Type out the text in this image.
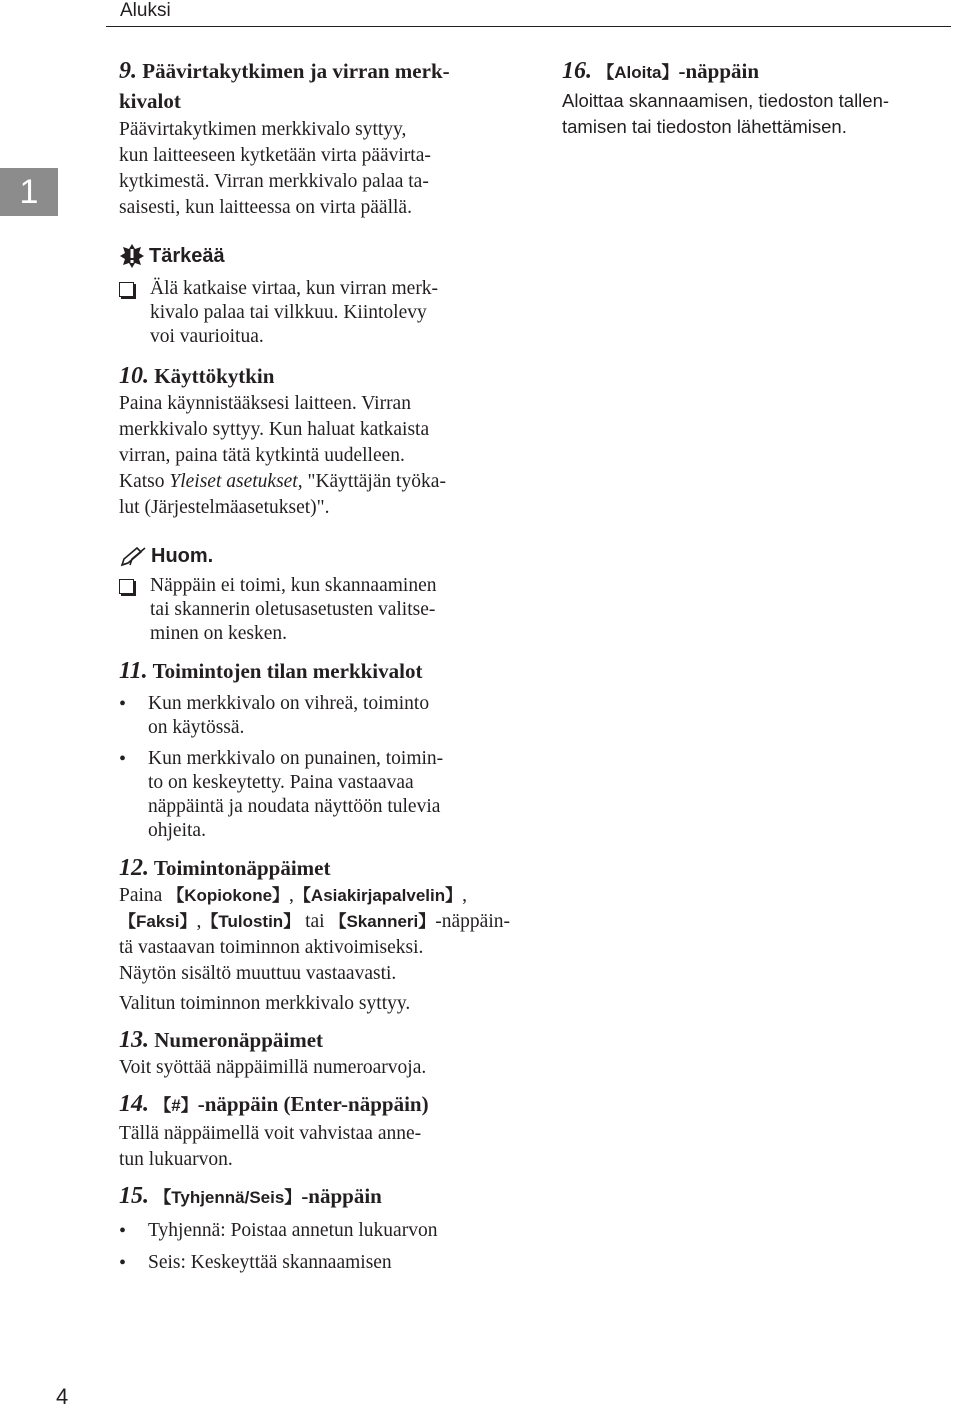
Aluksi
1
4

9. Päävirtakytkimen ja virran merk-
kivalot

Päävirtakytkimen merkkivalo syttyy,
kun laitteeseen kytketään virta päävirta-
kytkimestä. Virran merkkivalo palaa ta-
saisesti, kun laitteessa on virta päällä.

Tärkeää

Älä katkaise virtaa, kun virran merk-
kivalo palaa tai vilkkuu. Kiintolevy
voi vaurioitua.

10. Käyttökytkin

Paina käynnistääksesi laitteen. Virran
merkkivalo syttyy. Kun haluat katkaista
virran, paina tätä kytkintä uudelleen.
Katso Yleiset asetukset, "Käyttäjän työka-
lut (Järjestelmäasetukset)".

Huom.

Näppäin ei toimi, kun skannaaminen
tai skannerin oletusasetusten valitse-
minen on kesken.

11. Toimintojen tilan merkkivalot

•	Kun merkkivalo on vihreä, toiminto
on käytössä.
•	Kun merkkivalo on punainen, toimin-
to on keskeytetty. Paina vastaavaa
näppäintä ja noudata näyttöön tulevia
ohjeita.

12. Toimintonäppäimet

Paina 【Kopiokone】,【Asiakirjapalvelin】,
【Faksi】,【Tulostin】 tai 【Skanneri】-näppäin-
tä vastaavan toiminnon aktivoimiseksi.
Näytön sisältö muuttuu vastaavasti.

Valitun toiminnon merkkivalo syttyy.

13. Numeronäppäimet

Voit syöttää näppäimillä numeroarvoja.

14. 【#】-näppäin (Enter-näppäin)

Tällä näppäimellä voit vahvistaa anne-
tun lukuarvon.

15. 【Tyhjennä/Seis】-näppäin

•	Tyhjennä: Poistaa annetun lukuarvon
•	Seis: Keskeyttää skannaamisen

16. 【Aloita】-näppäin

Aloittaa skannaamisen, tiedoston tallen-
tamisen tai tiedoston lähettämisen.
